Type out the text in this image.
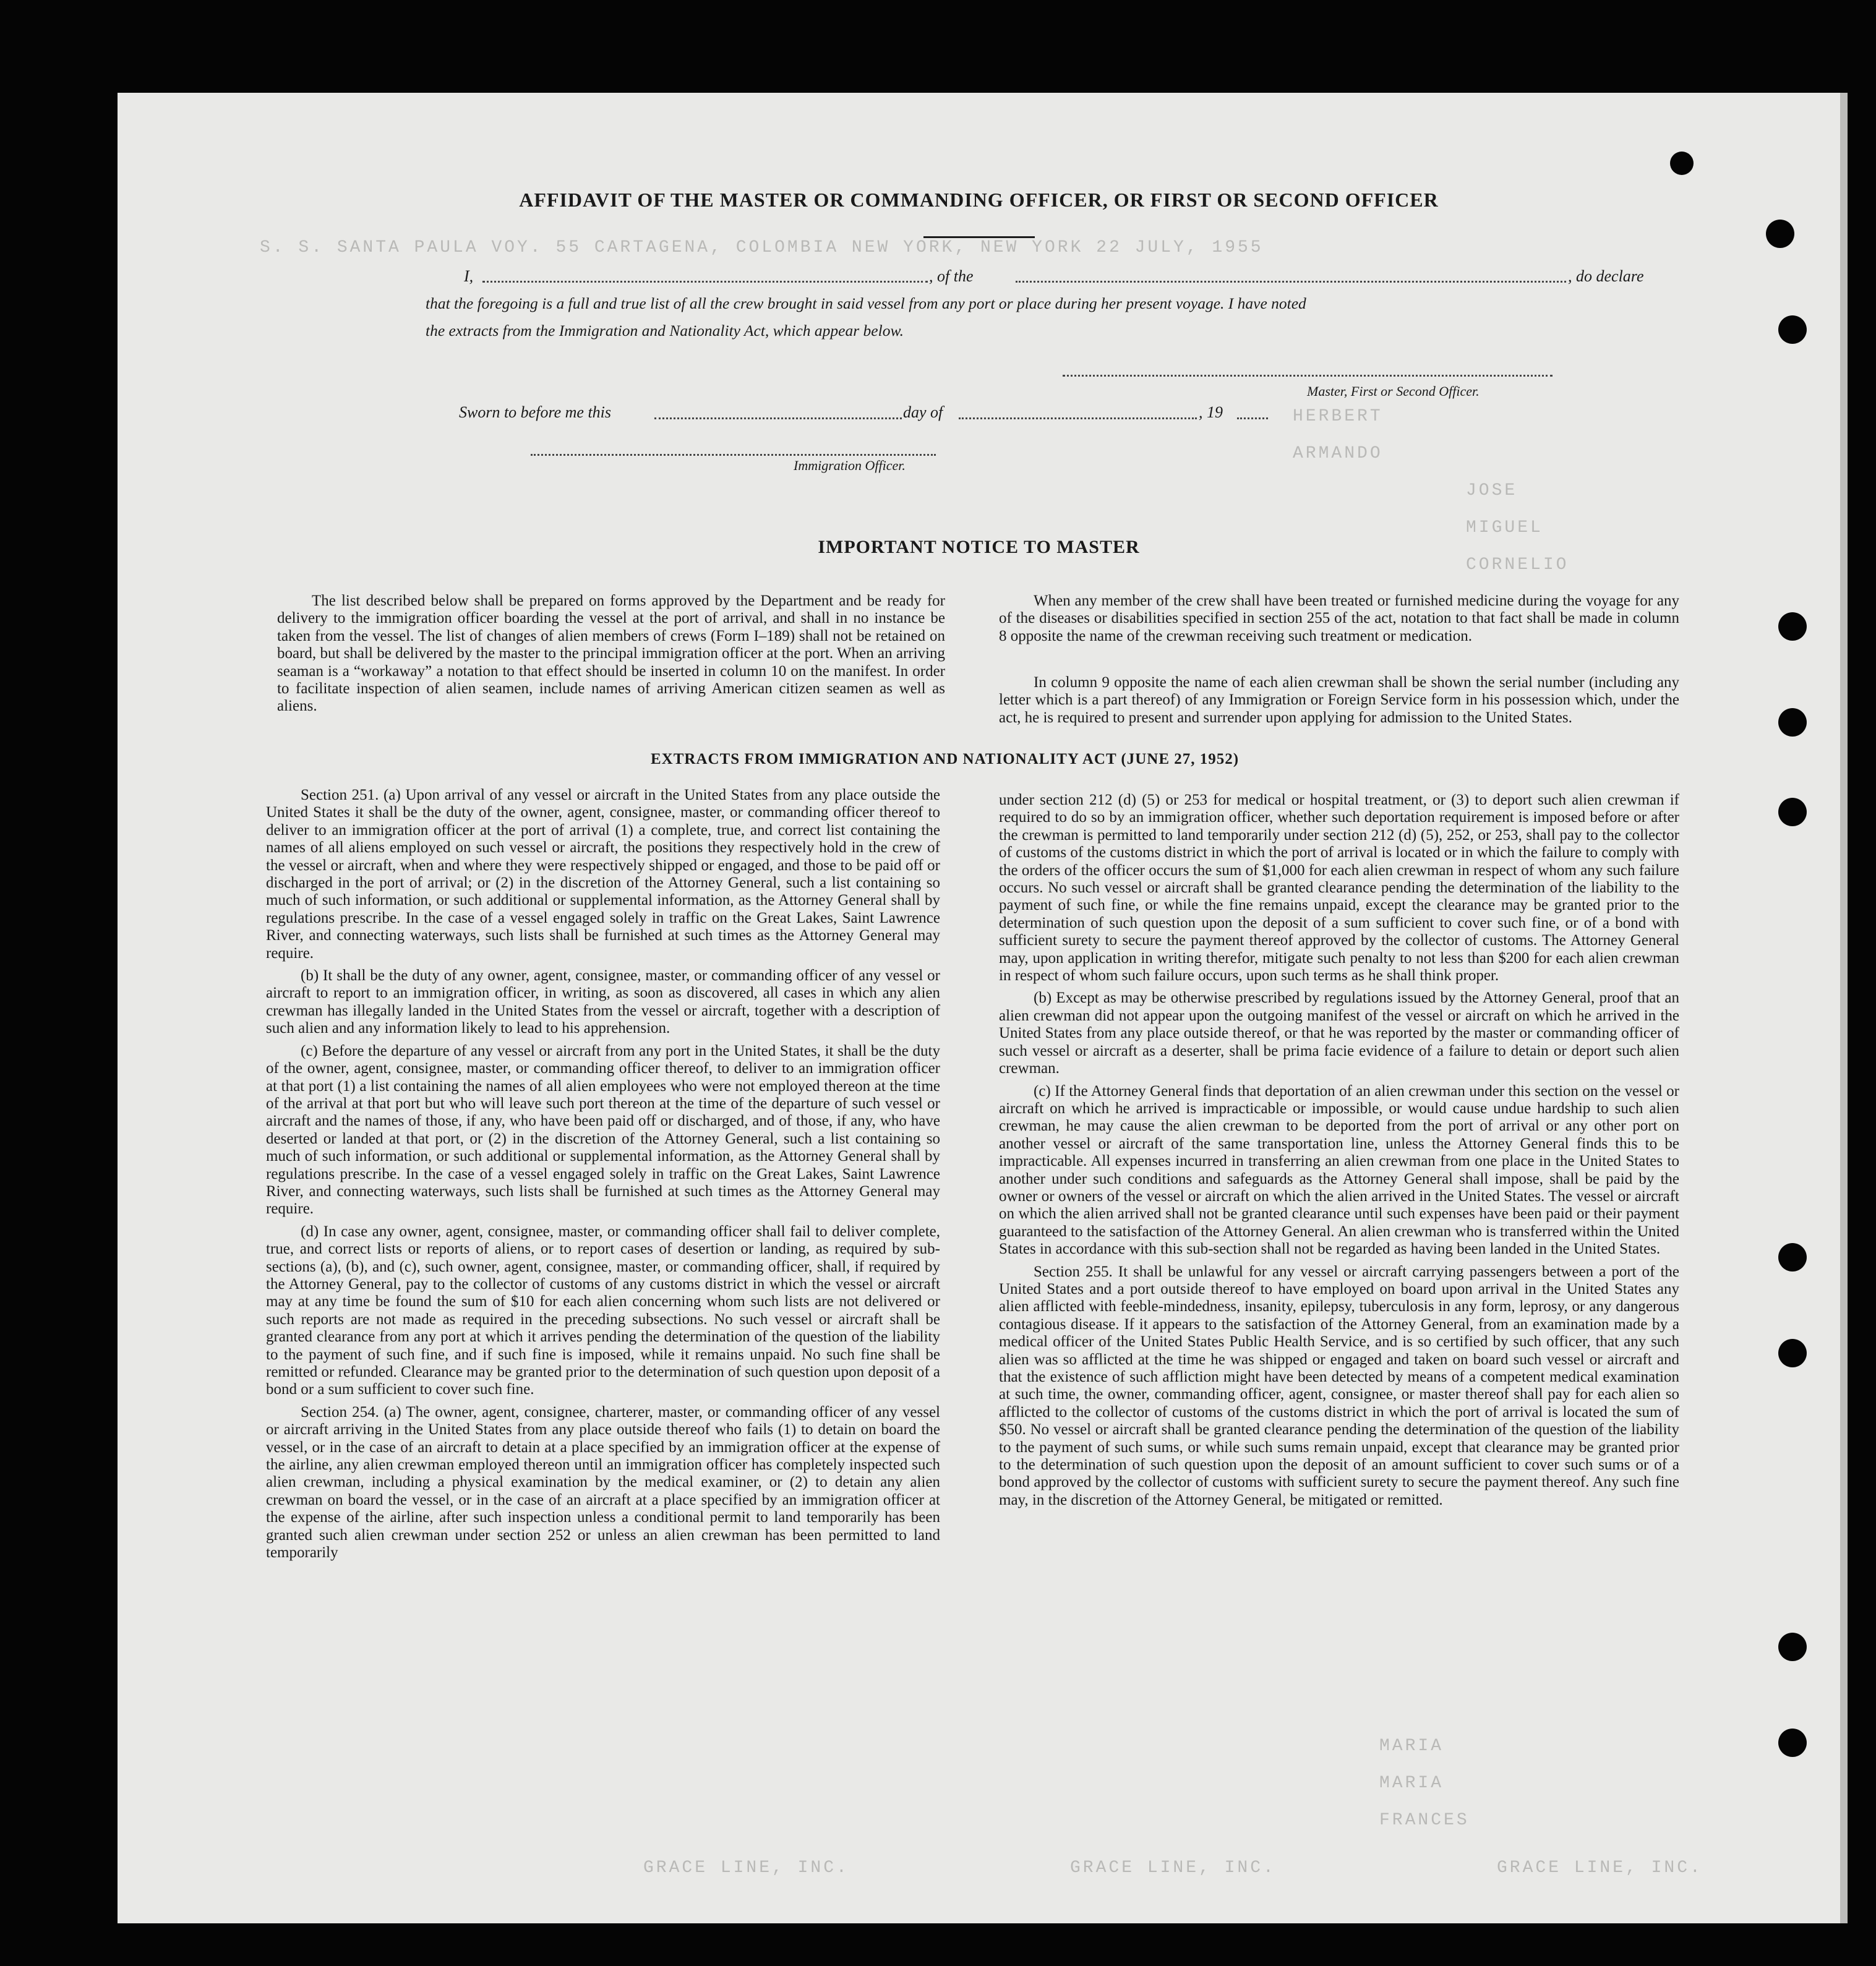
S. S. SANTA PAULA VOY. 55 CARTAGENA, COLOMBIA NEW YORK, NEW YORK 22 JULY, 1955
HERBERT
ARMANDO
JOSE
MIGUEL
CORNELIO
MARIA
MARIA
FRANCES
GRACE LINE, INC.	GRACE LINE, INC.	GRACE LINE, INC.
AFFIDAVIT OF THE MASTER OR COMMANDING OFFICER, OR FIRST OR SECOND OFFICER
I,	, of the	, do declare
that the foregoing is a full and true list of all the crew brought in said vessel from any port or place during her present voyage. I have noted
the extracts from the Immigration and Nationality Act, which appear below.
Master, First or Second Officer.
Sworn to before me this	day of	, 19
Immigration Officer.
IMPORTANT NOTICE TO MASTER
The list described below shall be prepared on forms approved by the Department and be ready for delivery to the immigration officer boarding the vessel at the port of arrival, and shall in no instance be taken from the vessel. The list of changes of alien members of crews (Form I–189) shall not be retained on board, but shall be delivered by the master to the principal immigration officer at the port. When an arriving seaman is a “workaway” a notation to that effect should be inserted in column 10 on the manifest. In order to facilitate inspection of alien seamen, include names of arriving American citizen seamen as well as aliens.
When any member of the crew shall have been treated or furnished medicine during the voyage for any of the diseases or disabilities specified in section 255 of the act, notation to that fact shall be made in column 8 opposite the name of the crewman receiving such treatment or medication.
In column 9 opposite the name of each alien crewman shall be shown the serial number (including any letter which is a part thereof) of any Immigration or Foreign Service form in his possession which, under the act, he is required to present and surrender upon applying for admission to the United States.
EXTRACTS FROM IMMIGRATION AND NATIONALITY ACT (JUNE 27, 1952)

Section 251. (a) Upon arrival of any vessel or aircraft in the United States from any place outside the United States it shall be the duty of the owner, agent, consignee, master, or commanding officer thereof to deliver to an immigration officer at the port of arrival (1) a complete, true, and correct list containing the names of all aliens employed on such vessel or aircraft, the positions they respectively hold in the crew of the vessel or aircraft, when and where they were respectively shipped or engaged, and those to be paid off or discharged in the port of arrival; or (2) in the discretion of the Attorney General, such a list containing so much of such information, or such additional or supplemental information, as the Attorney General shall by regulations prescribe. In the case of a vessel engaged solely in traffic on the Great Lakes, Saint Lawrence River, and connecting waterways, such lists shall be furnished at such times as the Attorney General may require.

(b) It shall be the duty of any owner, agent, consignee, master, or commanding officer of any vessel or aircraft to report to an immigration officer, in writing, as soon as discovered, all cases in which any alien crewman has illegally landed in the United States from the vessel or aircraft, together with a description of such alien and any information likely to lead to his apprehension.

(c) Before the departure of any vessel or aircraft from any port in the United States, it shall be the duty of the owner, agent, consignee, master, or commanding officer thereof, to deliver to an immigration officer at that port (1) a list containing the names of all alien employees who were not employed thereon at the time of the arrival at that port but who will leave such port thereon at the time of the departure of such vessel or aircraft and the names of those, if any, who have been paid off or discharged, and of those, if any, who have deserted or landed at that port, or (2) in the discretion of the Attorney General, such a list containing so much of such information, or such additional or supplemental information, as the Attorney General shall by regulations prescribe. In the case of a vessel engaged solely in traffic on the Great Lakes, Saint Lawrence River, and connecting waterways, such lists shall be furnished at such times as the Attorney General may require.

(d) In case any owner, agent, consignee, master, or commanding officer shall fail to deliver complete, true, and correct lists or reports of aliens, or to report cases of desertion or landing, as required by sub-sections (a), (b), and (c), such owner, agent, consignee, master, or commanding officer, shall, if required by the Attorney General, pay to the collector of customs of any customs district in which the vessel or aircraft may at any time be found the sum of $10 for each alien concerning whom such lists are not delivered or such reports are not made as required in the preceding subsections. No such vessel or aircraft shall be granted clearance from any port at which it arrives pending the determination of the question of the liability to the payment of such fine, and if such fine is imposed, while it remains unpaid. No such fine shall be remitted or refunded. Clearance may be granted prior to the determination of such question upon deposit of a bond or a sum sufficient to cover such fine.

Section 254. (a) The owner, agent, consignee, charterer, master, or commanding officer of any vessel or aircraft arriving in the United States from any place outside thereof who fails (1) to detain on board the vessel, or in the case of an aircraft to detain at a place specified by an immigration officer at the expense of the airline, any alien crewman employed thereon until an immigration officer has completely inspected such alien crewman, including a physical examination by the medical examiner, or (2) to detain any alien crewman on board the vessel, or in the case of an aircraft at a place specified by an immigration officer at the expense of the airline, after such inspection unless a conditional permit to land temporarily has been granted such alien crewman under section 252 or unless an alien crewman has been permitted to land temporarily

under section 212 (d) (5) or 253 for medical or hospital treatment, or (3) to deport such alien crewman if required to do so by an immigration officer, whether such deportation requirement is imposed before or after the crewman is permitted to land temporarily under section 212 (d) (5), 252, or 253, shall pay to the collector of customs of the customs district in which the port of arrival is located or in which the failure to comply with the orders of the officer occurs the sum of $1,000 for each alien crewman in respect of whom any such failure occurs. No such vessel or aircraft shall be granted clearance pending the determination of the liability to the payment of such fine, or while the fine remains unpaid, except the clearance may be granted prior to the determination of such question upon the deposit of a sum sufficient to cover such fine, or of a bond with sufficient surety to secure the payment thereof approved by the collector of customs. The Attorney General may, upon application in writing therefor, mitigate such penalty to not less than $200 for each alien crewman in respect of whom such failure occurs, upon such terms as he shall think proper.

(b) Except as may be otherwise prescribed by regulations issued by the Attorney General, proof that an alien crewman did not appear upon the outgoing manifest of the vessel or aircraft on which he arrived in the United States from any place outside thereof, or that he was reported by the master or commanding officer of such vessel or aircraft as a deserter, shall be prima facie evidence of a failure to detain or deport such alien crewman.

(c) If the Attorney General finds that deportation of an alien crewman under this section on the vessel or aircraft on which he arrived is impracticable or impossible, or would cause undue hardship to such alien crewman, he may cause the alien crewman to be deported from the port of arrival or any other port on another vessel or aircraft of the same transportation line, unless the Attorney General finds this to be impracticable. All expenses incurred in transferring an alien crewman from one place in the United States to another under such conditions and safeguards as the Attorney General shall impose, shall be paid by the owner or owners of the vessel or aircraft on which the alien arrived in the United States. The vessel or aircraft on which the alien arrived shall not be granted clearance until such expenses have been paid or their payment guaranteed to the satisfaction of the Attorney General. An alien crewman who is transferred within the United States in accordance with this sub-section shall not be regarded as having been landed in the United States.

Section 255. It shall be unlawful for any vessel or aircraft carrying passengers between a port of the United States and a port outside thereof to have employed on board upon arrival in the United States any alien afflicted with feeble-mindedness, insanity, epilepsy, tuberculosis in any form, leprosy, or any dangerous contagious disease. If it appears to the satisfaction of the Attorney General, from an examination made by a medical officer of the United States Public Health Service, and is so certified by such officer, that any such alien was so afflicted at the time he was shipped or engaged and taken on board such vessel or aircraft and that the existence of such affliction might have been detected by means of a competent medical examination at such time, the owner, commanding officer, agent, consignee, or master thereof shall pay for each alien so afflicted to the collector of customs of the customs district in which the port of arrival is located the sum of $50. No vessel or aircraft shall be granted clearance pending the determination of the question of the liability to the payment of such sums, or while such sums remain unpaid, except that clearance may be granted prior to the determination of such question upon the deposit of an amount sufficient to cover such sums or of a bond approved by the collector of customs with sufficient surety to secure the payment thereof. Any such fine may, in the discretion of the Attorney General, be mitigated or remitted.
